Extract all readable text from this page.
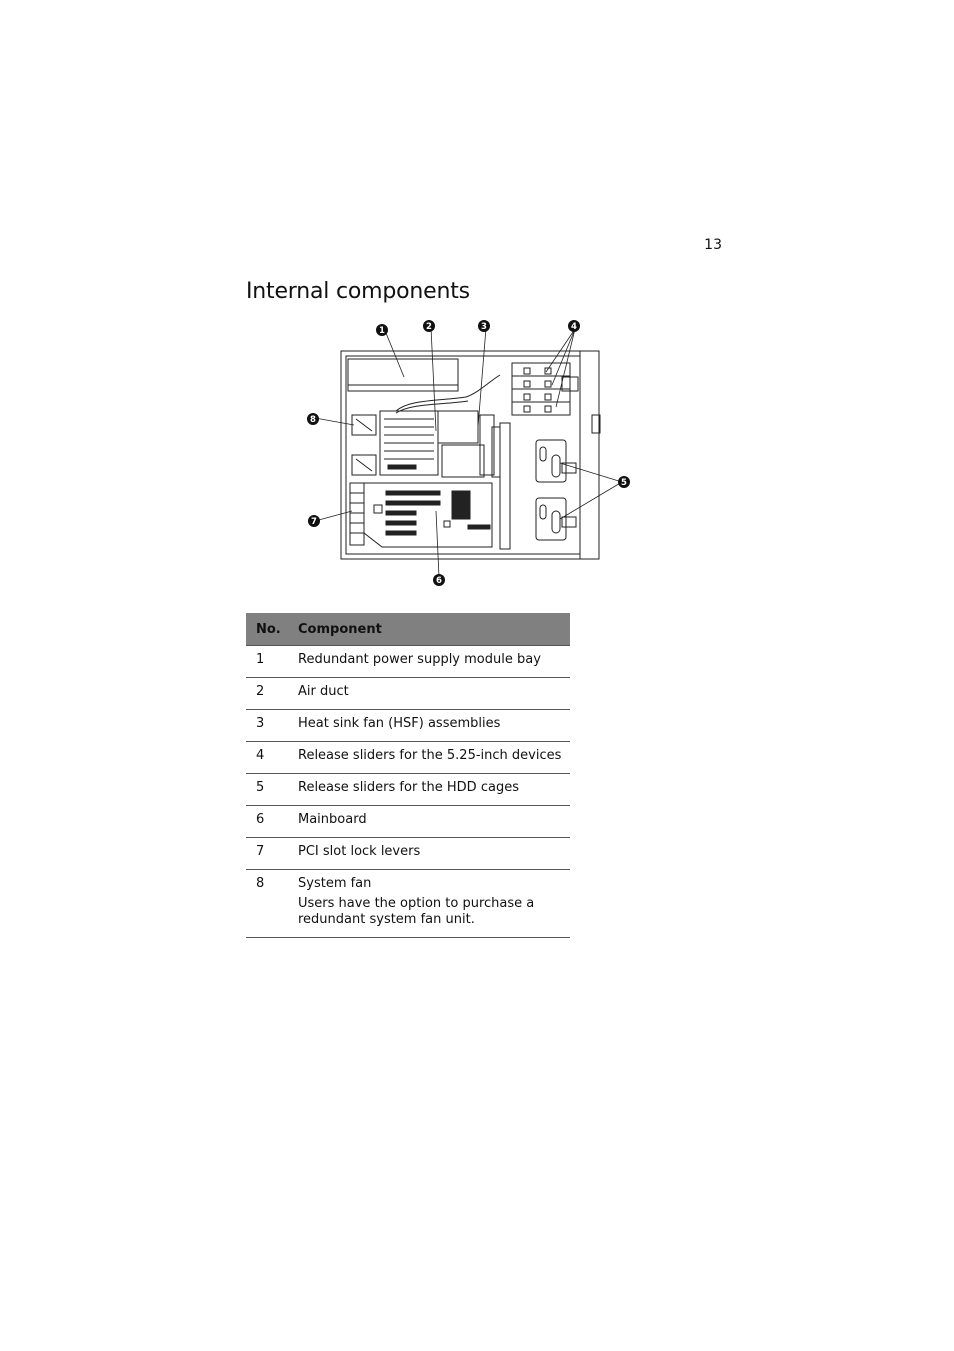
13
Internal components
1	2	3	4
5
6
7
8
No.	Component
1	Redundant power supply module bay
2	Air duct
3	Heat sink fan (HSF) assemblies
4	Release sliders for the 5.25-inch devices
5	Release sliders for the HDD cages
6	Mainboard
7	PCI slot lock levers
8	System fan
Users have the option to purchase a redundant system fan unit.
